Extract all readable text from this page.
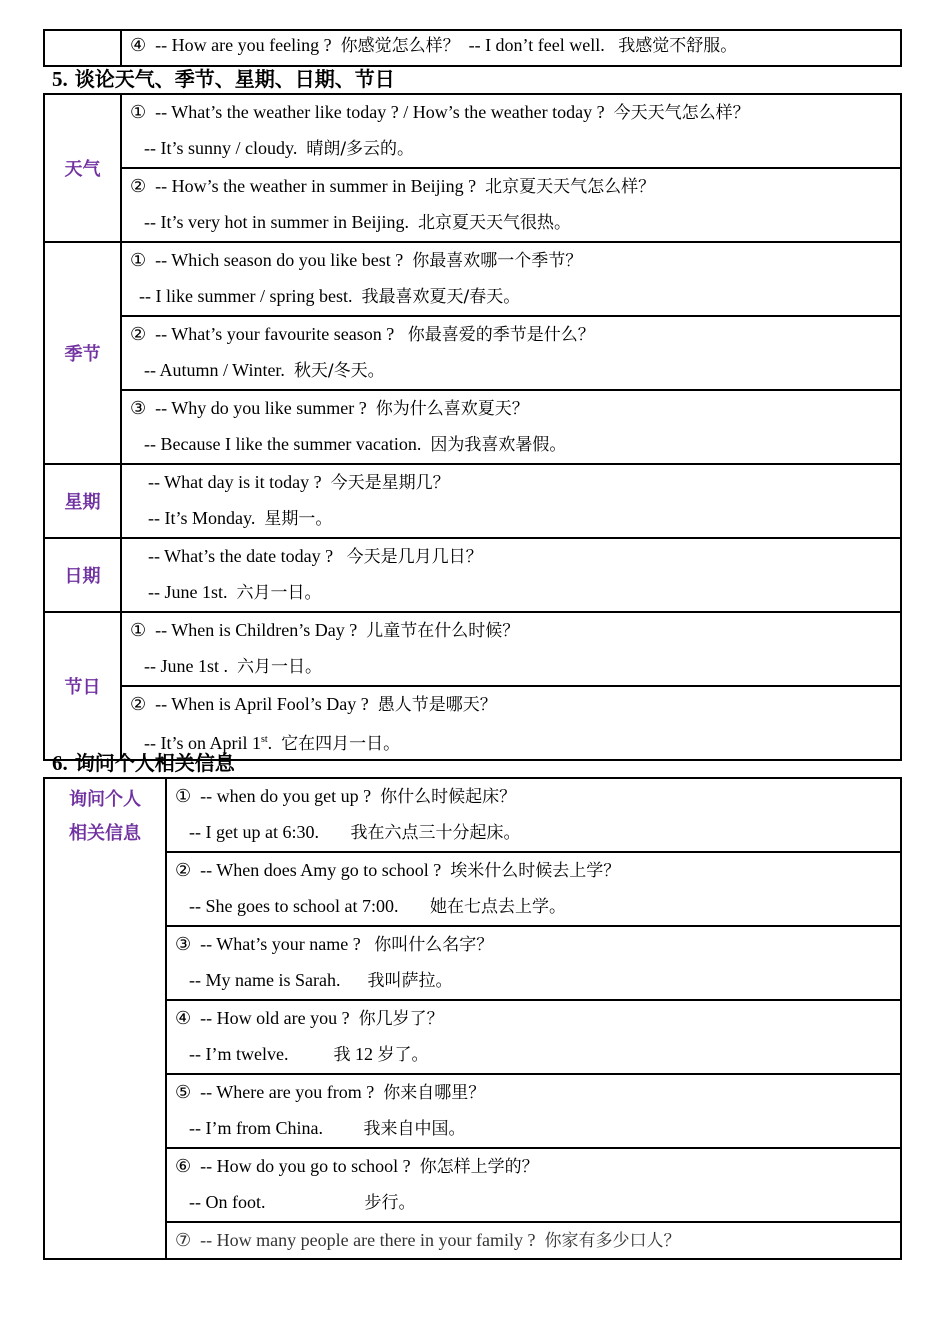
④ -- How are you feeling ? 你感觉怎么样？ -- I don’t feel well. 我感觉不舒服。
5. 谈论天气、季节、星期、日期、节日
天气	① -- What’s the weather like today ? / How’s the weather today ? 今天天气怎么样？
-- It’s sunny / cloudy. 晴朗/多云的。

	② -- How’s the weather in summer in Beijing ? 北京夏天天气怎么样？
-- It’s very hot in summer in Beijing. 北京夏天天气很热。

季节	① -- Which season do you like best ? 你最喜欢哪一个季节？
-- I like summer / spring best. 我最喜欢夏天/春天。

	② -- What’s your favourite season ? 你最喜爱的季节是什么？
-- Autumn / Winter. 秋天/冬天。

	③ -- Why do you like summer ? 你为什么喜欢夏天？
-- Because I like the summer vacation. 因为我喜欢暑假。

星期	-- What day is it today ? 今天是星期几？
-- It’s Monday. 星期一。

日期	-- What’s the date today ? 今天是几月几日？
-- June 1st. 六月一日。

节日	① -- When is Children’s Day ? 儿童节在什么时候？
-- June 1st . 六月一日。

	② -- When is April Fool’s Day ? 愚人节是哪天？
-- It’s on April 1st. 它在四月一日。
6. 询问个人相关信息
询问个人
相关信息

① -- when do you get up ? 你什么时候起床？
-- I get up at 6:30. 我在六点三十分起床。

② -- When does Amy go to school ? 埃米什么时候去上学？
-- She goes to school at 7:00. 她在七点去上学。

③ -- What’s your name ? 你叫什么名字？
-- My name is Sarah. 我叫萨拉。

④ -- How old are you ? 你几岁了？
-- I’m twelve.	我 12 岁了。

⑤ -- Where are you from ? 你来自哪里？
-- I’m from China. 我来自中国。

⑥ -- How do you go to school ? 你怎样上学的？
-- On foot.	步行。

⑦ -- How many people are there in your family ? 你家有多少口人？
